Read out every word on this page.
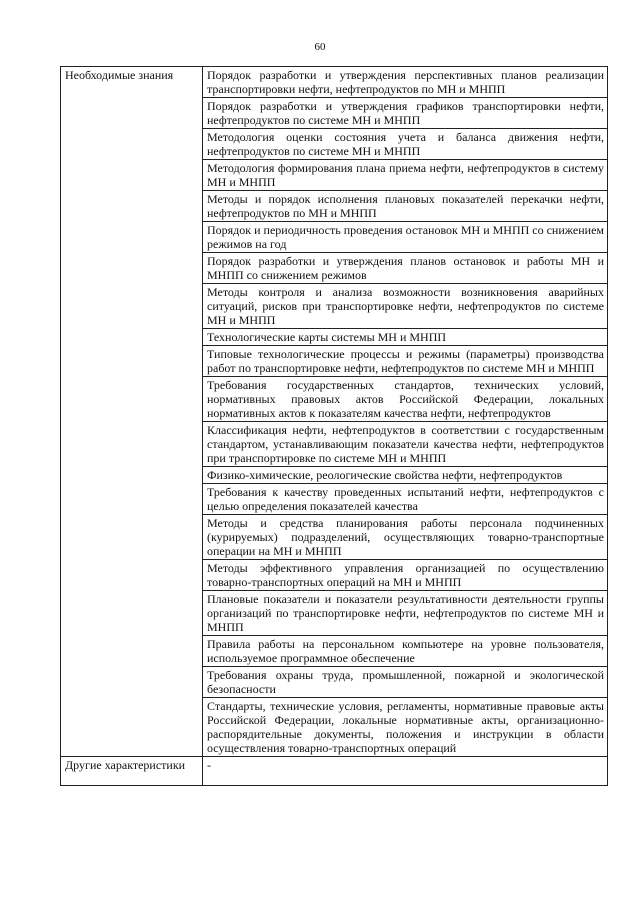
60
Необходимые знания	Порядок разработки и утверждения перспективных планов реализации транспортировки нефти, нефтепродуктов по МН и МНПП
	Порядок разработки и утверждения графиков транспортировки нефти, нефтепродуктов по системе МН и МНПП
	Методология оценки состояния учета и баланса движения нефти, нефтепродуктов по системе МН и МНПП
	Методология формирования плана приема нефти, нефтепродуктов в систему МН и МНПП
	Методы и порядок исполнения плановых показателей перекачки нефти, нефтепродуктов по МН и МНПП
	Порядок и периодичность проведения остановок МН и МНПП со снижением режимов на год
	Порядок разработки и утверждения планов остановок и работы МН и МНПП со снижением режимов
	Методы контроля и анализа возможности возникновения аварийных ситуаций, рисков при транспортировке нефти, нефтепродуктов по системе МН и МНПП
	Технологические карты системы МН и МНПП
	Типовые технологические процессы и режимы (параметры) производства работ по транспортировке нефти, нефтепродуктов по системе МН и МНПП
	Требования государственных стандартов, технических условий, нормативных правовых актов Российской Федерации, локальных нормативных актов к показателям качества нефти, нефтепродуктов
	Классификация нефти, нефтепродуктов в соответствии с государственным стандартом, устанавливающим показатели качества нефти, нефтепродуктов при транспортировке по системе МН и МНПП
	Физико-химические, реологические свойства нефти, нефтепродуктов
	Требования к качеству проведенных испытаний нефти, нефтепродуктов с целью определения показателей качества
	Методы и средства планирования работы персонала подчиненных (курируемых) подразделений, осуществляющих товарно-транспортные операции на МН и МНПП
	Методы эффективного управления организацией по осуществлению товарно-транспортных операций на МН и МНПП
	Плановые показатели и показатели результативности деятельности группы организаций по транспортировке нефти, нефтепродуктов по системе МН и МНПП
	Правила работы на персональном компьютере на уровне пользователя, используемое программное обеспечение
	Требования охраны труда, промышленной, пожарной и экологической безопасности
	Стандарты, технические условия, регламенты, нормативные правовые акты Российской Федерации, локальные нормативные акты, организационно-распорядительные документы, положения и инструкции в области осуществления товарно-транспортных операций
Другие характеристики	-
